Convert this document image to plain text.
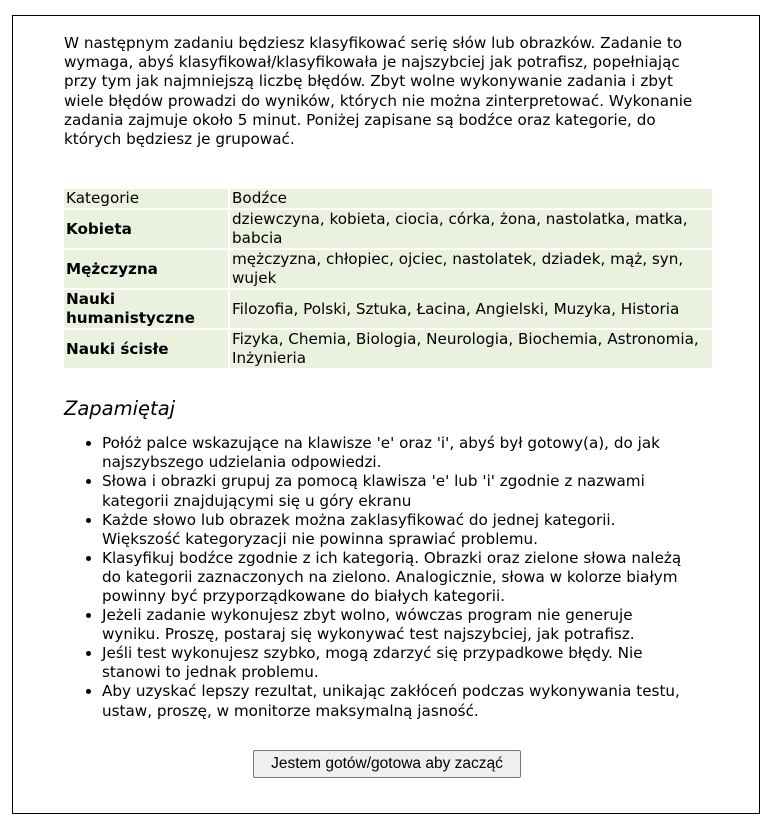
W następnym zadaniu będziesz klasyfikować serię słów lub obrazków. Zadanie to wymaga, abyś klasyfikował/klasyfikowała je najszybciej jak potrafisz, popełniając przy tym jak najmniejszą liczbę błędów. Zbyt wolne wykonywanie zadania i zbyt wiele błędów prowadzi do wyników, których nie można zinterpretować. Wykonanie zadania zajmuje około 5 minut. Poniżej zapisane są bodźce oraz kategorie, do których będziesz je grupować.

Kategorie	Bodźce
Kobieta	dziewczyna, kobieta, ciocia, córka, żona, nastolatka, matka, babcia
Mężczyzna	mężczyzna, chłopiec, ojciec, nastolatek, dziadek, mąż, syn, wujek
Nauki humanistyczne	Filozofia, Polski, Sztuka, Łacina, Angielski, Muzyka, Historia
Nauki ścisłe	Fizyka, Chemia, Biologia, Neurologia, Biochemia, Astronomia, Inżynieria
Zapamiętaj
• Połóż palce wskazujące na klawisze 'e' oraz 'i', abyś był gotowy(a), do jak najszybszego udzielania odpowiedzi.
• Słowa i obrazki grupuj za pomocą klawisza 'e' lub 'i' zgodnie z nazwami kategorii znajdującymi się u góry ekranu
• Każde słowo lub obrazek można zaklasyfikować do jednej kategorii. Większość kategoryzacji nie powinna sprawiać problemu.
• Klasyfikuj bodźce zgodnie z ich kategorią. Obrazki oraz zielone słowa należą do kategorii zaznaczonych na zielono. Analogicznie, słowa w kolorze białym powinny być przyporządkowane do białych kategorii.
• Jeżeli zadanie wykonujesz zbyt wolno, wówczas program nie generuje wyniku. Proszę, postaraj się wykonywać test najszybciej, jak potrafisz.
• Jeśli test wykonujesz szybko, mogą zdarzyć się przypadkowe błędy. Nie stanowi to jednak problemu.
• Aby uzyskać lepszy rezultat, unikając zakłóceń podczas wykonywania testu, ustaw, proszę, w monitorze maksymalną jasność.
Jestem gotów/gotowa aby zacząć
